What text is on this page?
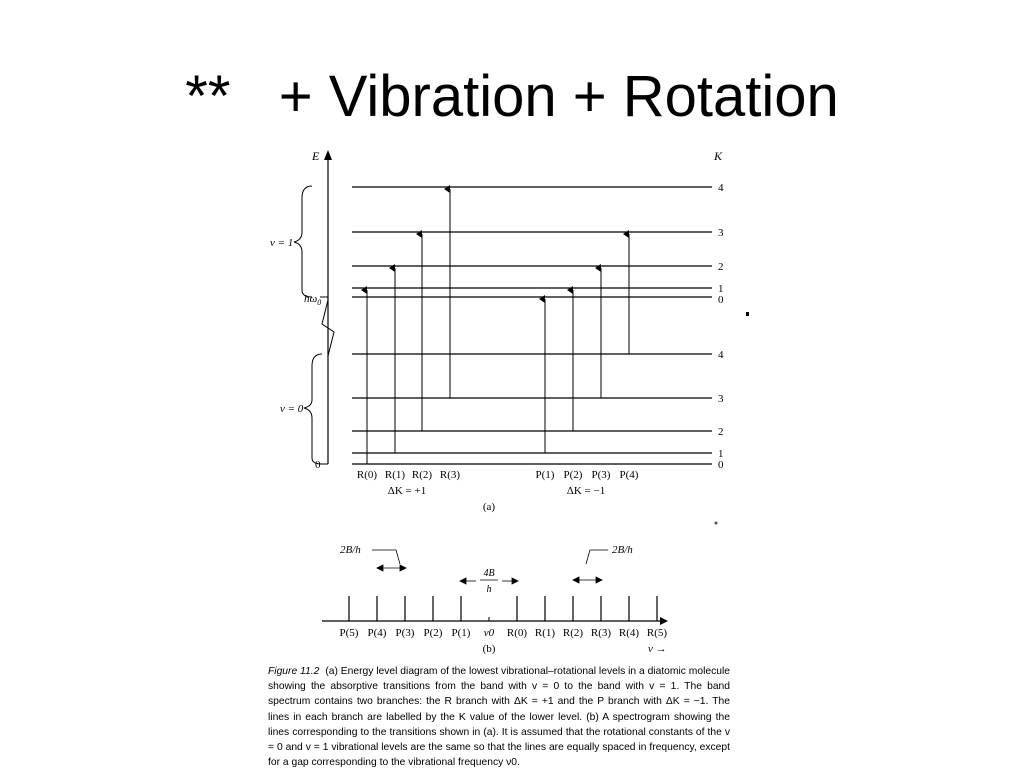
**   + Vibration + Rotation
E	K
v = 1
v = 0
$ħ\omega_0$
0
4
3
2
1
0
4
3
2
1
0
R(0) R(1) R(2) R(3)	P(1) P(2) P(3) P(4)
ΔK = +1	ΔK = −1
(a)
2B/h
4B
h
2B/h
P(5) P(4) P(3) P(2) P(1) ν0 R(0) R(1) R(2) R(3) R(4) R(5)
(b)	ν →
Figure 11.2 (a) Energy level diagram of the lowest vibrational–rotational levels in a diatomic molecule showing the absorptive transitions from the band with v = 0 to the band with v = 1. The band spectrum contains two branches: the R branch with ΔK = +1 and the P branch with ΔK = −1. The lines in each branch are labelled by the K value of the lower level. (b) A spectrogram showing the lines corresponding to the transitions shown in (a). It is assumed that the rotational constants of the v = 0 and v = 1 vibrational levels are the same so that the lines are equally spaced in frequency, except for a gap corresponding to the vibrational frequency ν0.
